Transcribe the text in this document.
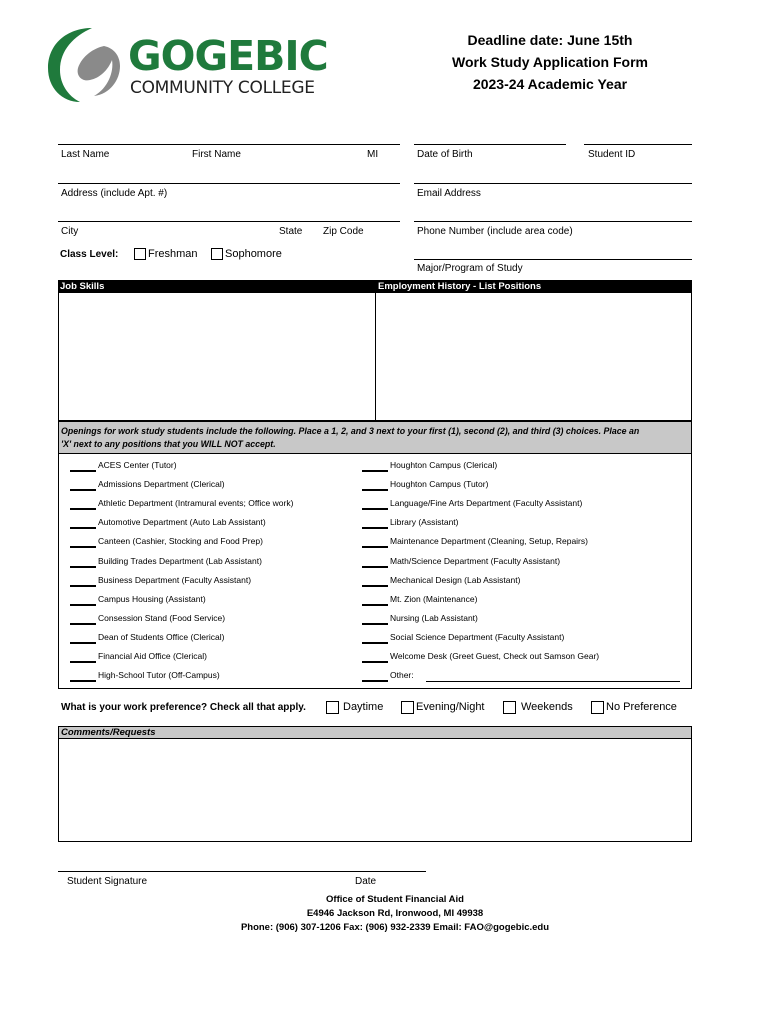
GOGEBIC
COMMUNITY COLLEGE
Deadline date: June 15th
Work Study Application Form
2023-24 Academic Year
Last Name	First Name	MI	Date of Birth	Student ID
Address (include Apt. #)	Email Address
City	State Zip Code	Phone Number (include area code)
Class Level:	Freshman Sophomore
Major/Program of Study
Job Skills	Employment History - List Positions
Openings for work study students include the following. Place a 1, 2, and 3 next to your first (1), second (2), and third (3) choices. Place an
'X' next to any positions that you WILL NOT accept.
ACES Center (Tutor)
Admissions Department (Clerical)
Athletic Department (Intramural events; Office work)
Automotive Department (Auto Lab Assistant)
Canteen (Cashier, Stocking and Food Prep)
Building Trades Department (Lab Assistant)
Business Department (Faculty Assistant)
Campus Housing (Assistant)
Consession Stand (Food Service)
Dean of Students Office (Clerical)
Financial Aid Office (Clerical)
High-School Tutor (Off-Campus)
Houghton Campus (Clerical)
Houghton Campus (Tutor)
Language/Fine Arts Department (Faculty Assistant)
Library (Assistant)
Maintenance Department (Cleaning, Setup, Repairs)
Math/Science Department (Faculty Assistant)
Mechanical Design (Lab Assistant)
Mt. Zion (Maintenance)
Nursing (Lab Assistant)
Social Science Department (Faculty Assistant)
Welcome Desk (Greet Guest, Check out Samson Gear)
Other:
What is your work preference? Check all that apply.	Daytime	Evening/Night	Weekends	No Preference
Comments/Requests
Student Signature	Date
Office of Student Financial Aid
E4946 Jackson Rd, Ironwood, MI 49938
Phone: (906) 307-1206 Fax: (906) 932-2339 Email: FAO@gogebic.edu
